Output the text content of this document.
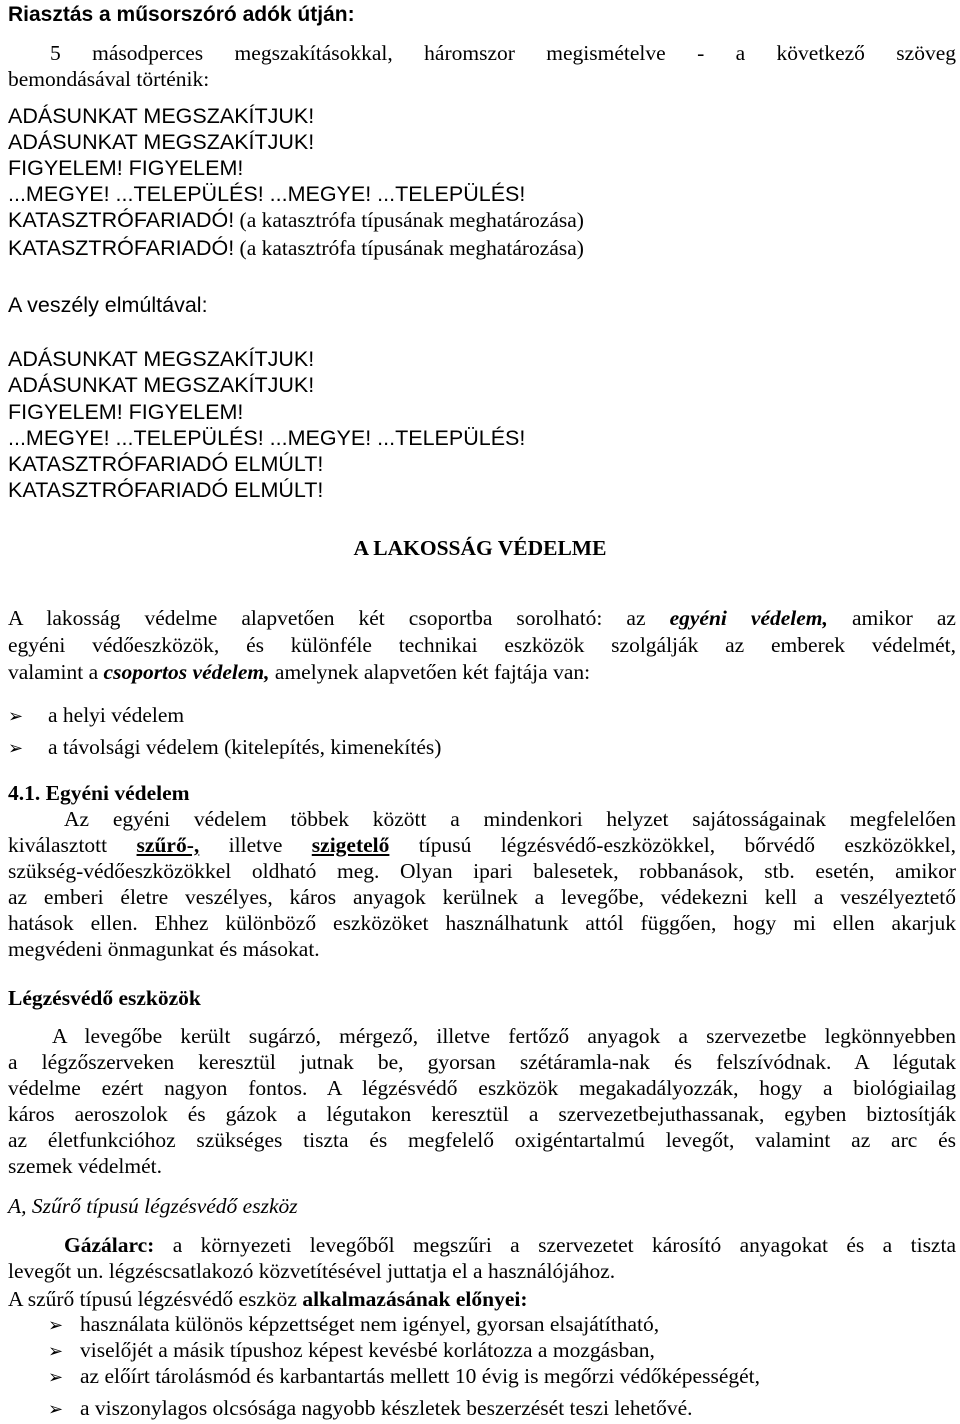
Riasztás a műsorszóró adók útján:
5 másodperces megszakításokkal, háromszor megismételve - a következő szöveg
bemondásával történik:
ADÁSUNKAT MEGSZAKÍTJUK!
ADÁSUNKAT MEGSZAKÍTJUK!
FIGYELEM! FIGYELEM!
...MEGYE! ...TELEPÜLÉS! ...MEGYE! ...TELEPÜLÉS!
KATASZTRÓFARIADÓ! (a katasztrófa típusának meghatározása)
KATASZTRÓFARIADÓ! (a katasztrófa típusának meghatározása)
A veszély elmúltával:
ADÁSUNKAT MEGSZAKÍTJUK!
ADÁSUNKAT MEGSZAKÍTJUK!
FIGYELEM! FIGYELEM!
...MEGYE! ...TELEPÜLÉS! ...MEGYE! ...TELEPÜLÉS!
KATASZTRÓFARIADÓ ELMÚLT!
KATASZTRÓFARIADÓ ELMÚLT!
A LAKOSSÁG VÉDELME
A lakosság védelme alapvetően két csoportba sorolható: az egyéni védelem, amikor az
egyéni védőeszközök, és különféle technikai eszközök szolgálják az emberek védelmét,
valamint a csoportos védelem, amelynek alapvetően két fajtája van:
➢ a helyi védelem
➢ a távolsági védelem (kitelepítés, kimenekítés)
4.1. Egyéni védelem
Az egyéni védelem többek között a mindenkori helyzet sajátosságainak megfelelően
kiválasztott szűrő-, illetve szigetelő típusú légzésvédő-eszközökkel, bőrvédő eszközökkel,
szükség-védőeszközökkel oldható meg. Olyan ipari balesetek, robbanások, stb. esetén, amikor
az emberi életre veszélyes, káros anyagok kerülnek a levegőbe, védekezni kell a veszélyeztető
hatások ellen. Ehhez különböző eszközöket használhatunk attól függően, hogy mi ellen akarjuk
megvédeni önmagunkat és másokat.
Légzésvédő eszközök
A levegőbe került sugárzó, mérgező, illetve fertőző anyagok a szervezetbe legkönnyebben
a légzőszerveken keresztül jutnak be, gyorsan szétáramla-nak és felszívódnak. A légutak
védelme ezért nagyon fontos. A légzésvédő eszközök megakadályozzák, hogy a biológiailag
káros aeroszolok és gázok a légutakon keresztül a szervezetbejuthassanak, egyben biztosítják
az életfunkcióhoz szükséges tiszta és megfelelő oxigéntartalmú levegőt, valamint az arc és
szemek védelmét.
A, Szűrő típusú légzésvédő eszköz
Gázálarc: a környezeti levegőből megszűri a szervezetet károsító anyagokat és a tiszta
levegőt un. légzéscsatlakozó közvetítésével juttatja el a használójához.
A szűrő típusú légzésvédő eszköz alkalmazásának előnyei:
➢ használata különös képzettséget nem igényel, gyorsan elsajátítható,
➢ viselőjét a másik típushoz képest kevésbé korlátozza a mozgásban,
➢ az előírt tárolásmód és karbantartás mellett 10 évig is megőrzi védőképességét,
➢ a viszonylagos olcsósága nagyobb készletek beszerzését teszi lehetővé.
